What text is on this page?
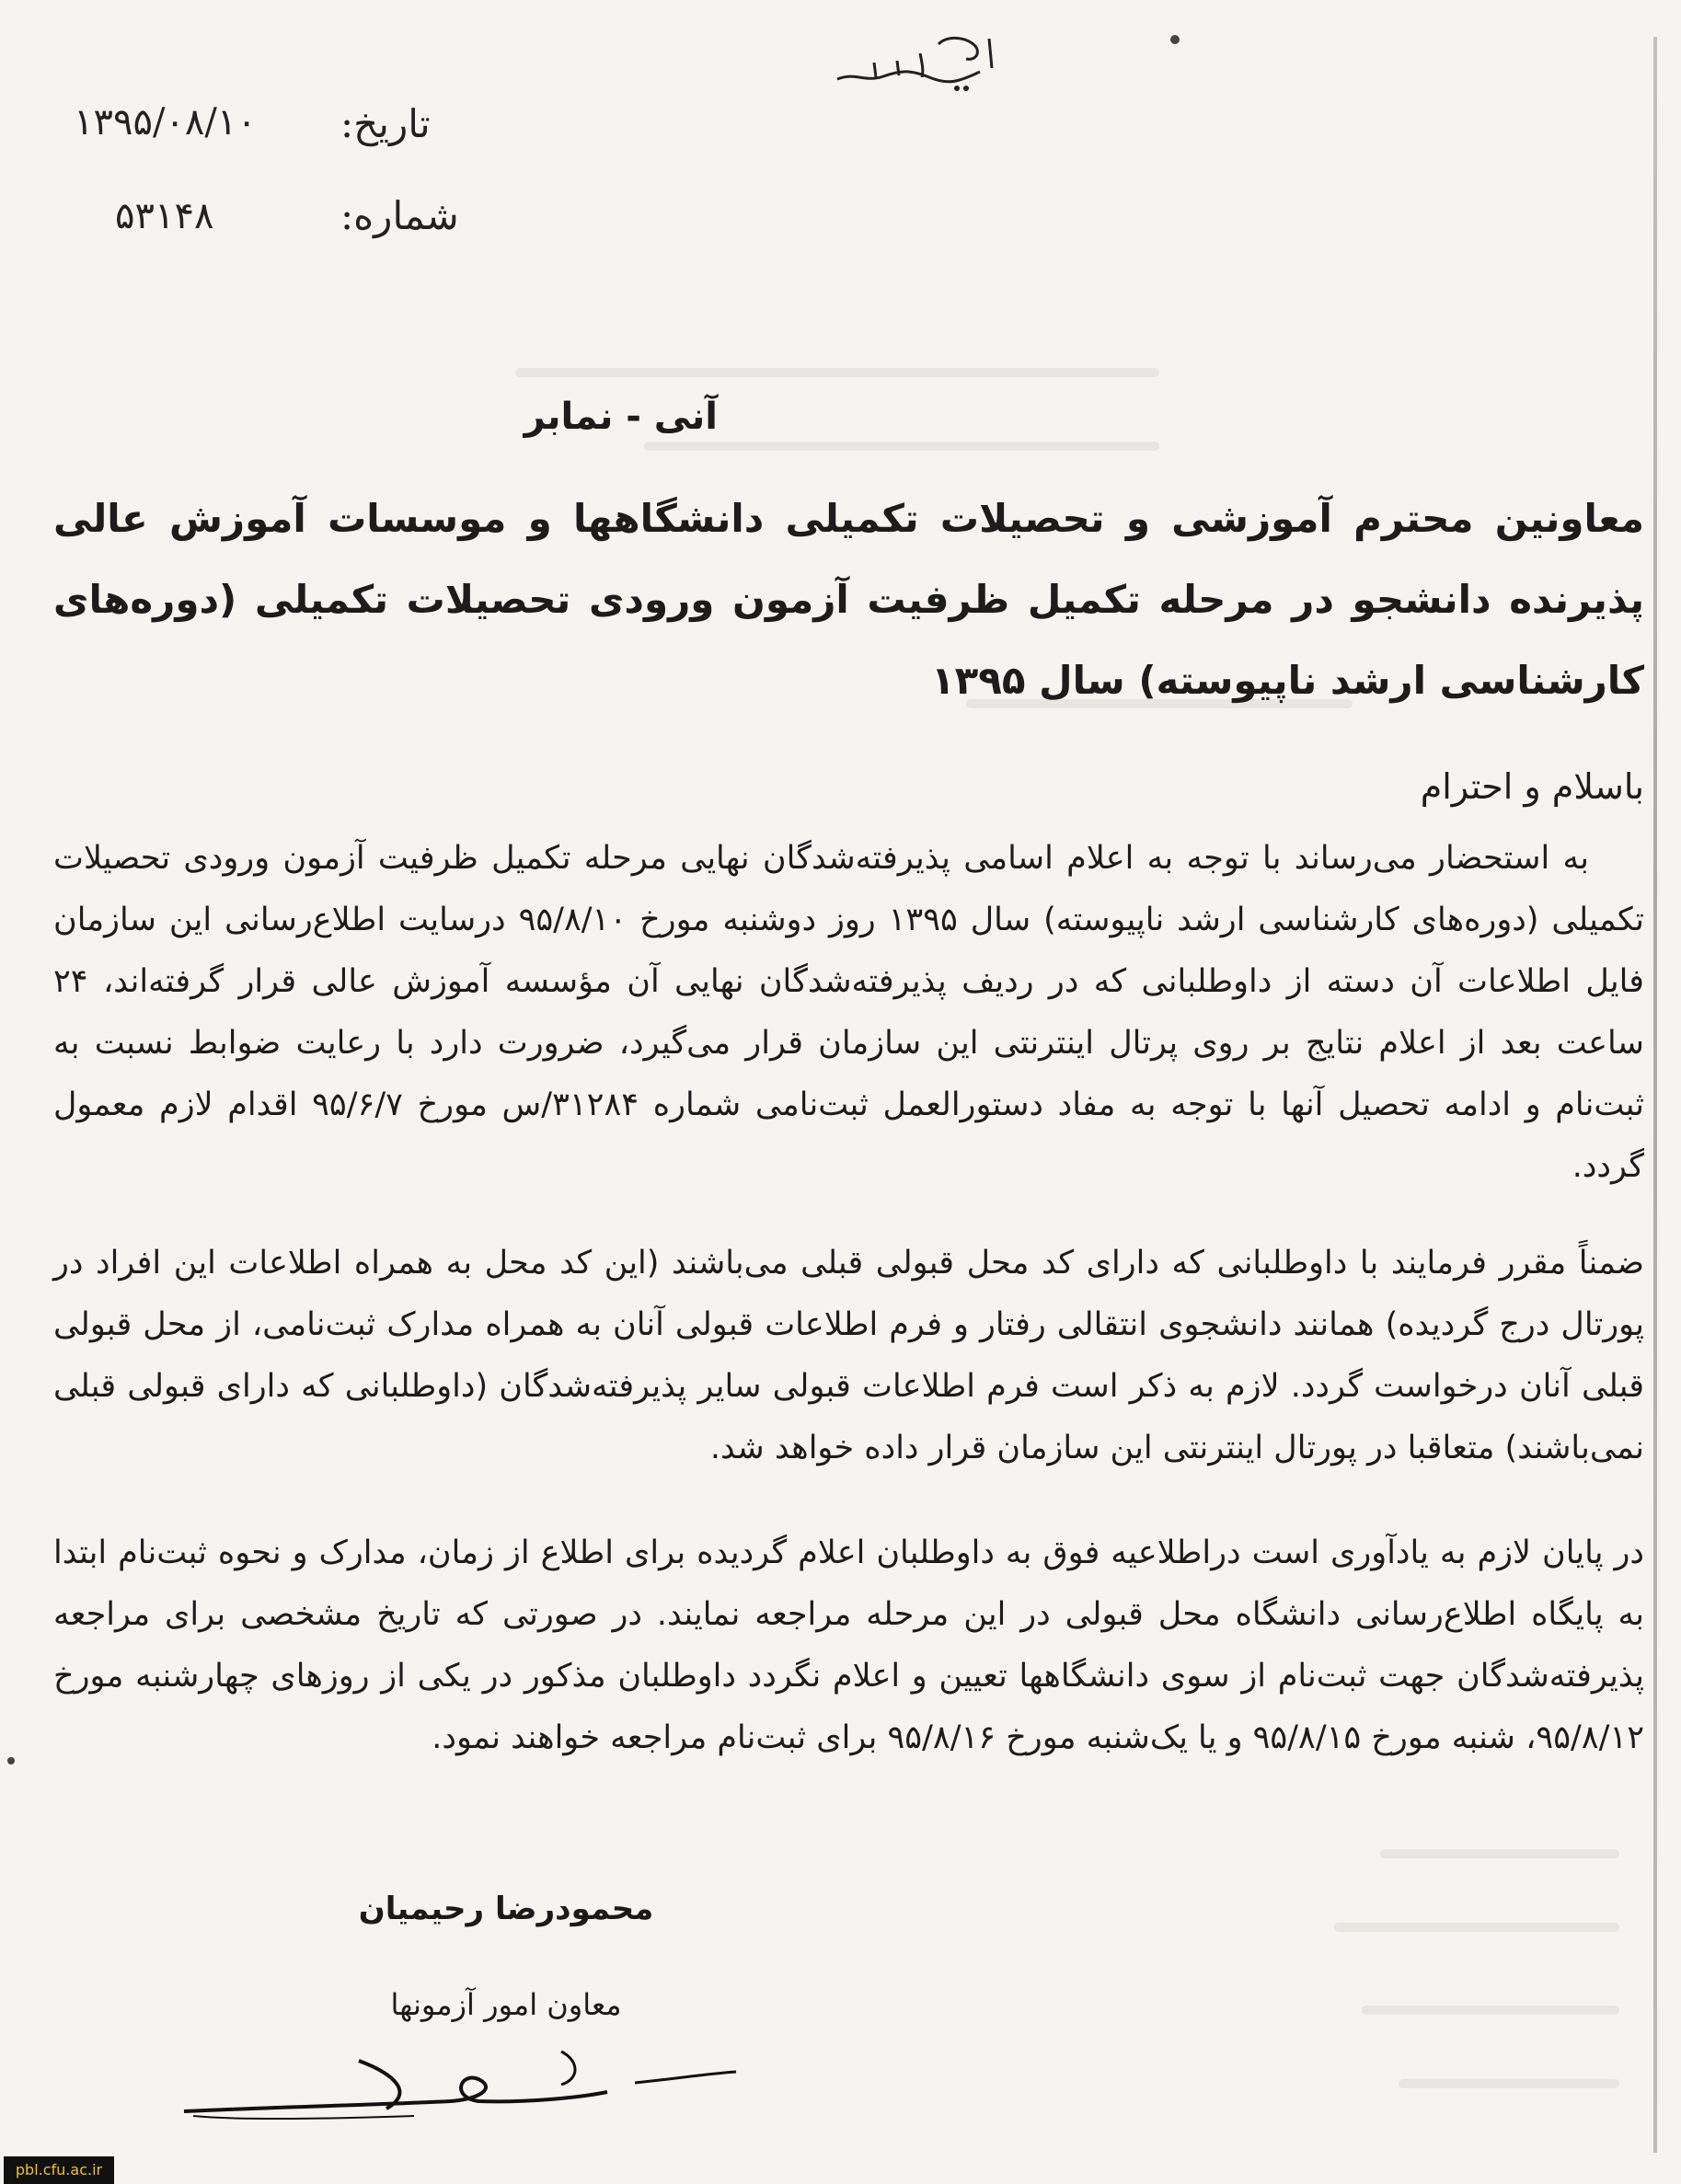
تاریخ:
۱۳۹۵/۰۸/۱۰
شماره:
۵۳۱۴۸
آنی - نمابر
معاونین محترم آموزشی و تحصیلات تکمیلی دانشگاهها و موسسات آموزش عالی پذیرنده دانشجو در مرحله تکمیل ظرفیت آزمون ورودی تحصیلات تکمیلی (دوره‌های کارشناسی ارشد ناپیوسته) سال ۱۳۹۵
باسلام و احترام
به استحضار می‌رساند با توجه به اعلام اسامی پذیرفته‌شدگان نهایی مرحله تکمیل ظرفیت آزمون ورودی تحصیلات تکمیلی (دوره‌های کارشناسی ارشد ناپیوسته) سال ۱۳۹۵ روز دوشنبه مورخ ۹۵/۸/۱۰ درسایت اطلاع‌رسانی این سازمان فایل اطلاعات آن دسته از داوطلبانی که در ردیف پذیرفته‌شدگان نهایی آن مؤسسه آموزش عالی قرار گرفته‌اند، ۲۴ ساعت بعد از اعلام نتایج بر روی پرتال اینترنتی این سازمان قرار می‌گیرد، ضرورت دارد با رعایت ضوابط نسبت به ثبت‌نام و ادامه تحصیل آنها با توجه به مفاد دستورالعمل ثبت‌نامی شماره ۳۱۲۸۴/س مورخ ۹۵/۶/۷ اقدام لازم معمول گردد.
ضمناً مقرر فرمایند با داوطلبانی که دارای کد محل قبولی قبلی می‌باشند (این کد محل به همراه اطلاعات این افراد در پورتال درج گردیده) همانند دانشجوی انتقالی رفتار و فرم اطلاعات قبولی آنان به همراه مدارک ثبت‌نامی، از محل قبولی قبلی آنان درخواست گردد. لازم به ذکر است فرم اطلاعات قبولی سایر پذیرفته‌شدگان (داوطلبانی که دارای قبولی قبلی نمی‌باشند) متعاقبا در پورتال اینترنتی این سازمان قرار داده خواهد شد.
در پایان لازم به یادآوری است دراطلاعیه فوق به داوطلبان اعلام گردیده برای اطلاع از زمان، مدارک و نحوه ثبت‌نام ابتدا به پایگاه اطلاع‌رسانی دانشگاه محل قبولی در این مرحله مراجعه نمایند. در صورتی که تاریخ مشخصی برای مراجعه پذیرفته‌شدگان جهت ثبت‌نام از سوی دانشگاهها تعیین و اعلام نگردد داوطلبان مذکور در یکی از روزهای چهارشنبه مورخ ۹۵/۸/۱۲، شنبه مورخ ۹۵/۸/۱۵ و یا یک‌شنبه مورخ ۹۵/۸/۱۶ برای ثبت‌نام مراجعه خواهند نمود.
محمودرضا رحیمیان
معاون امور آزمونها
pbl.cfu.ac.ir
